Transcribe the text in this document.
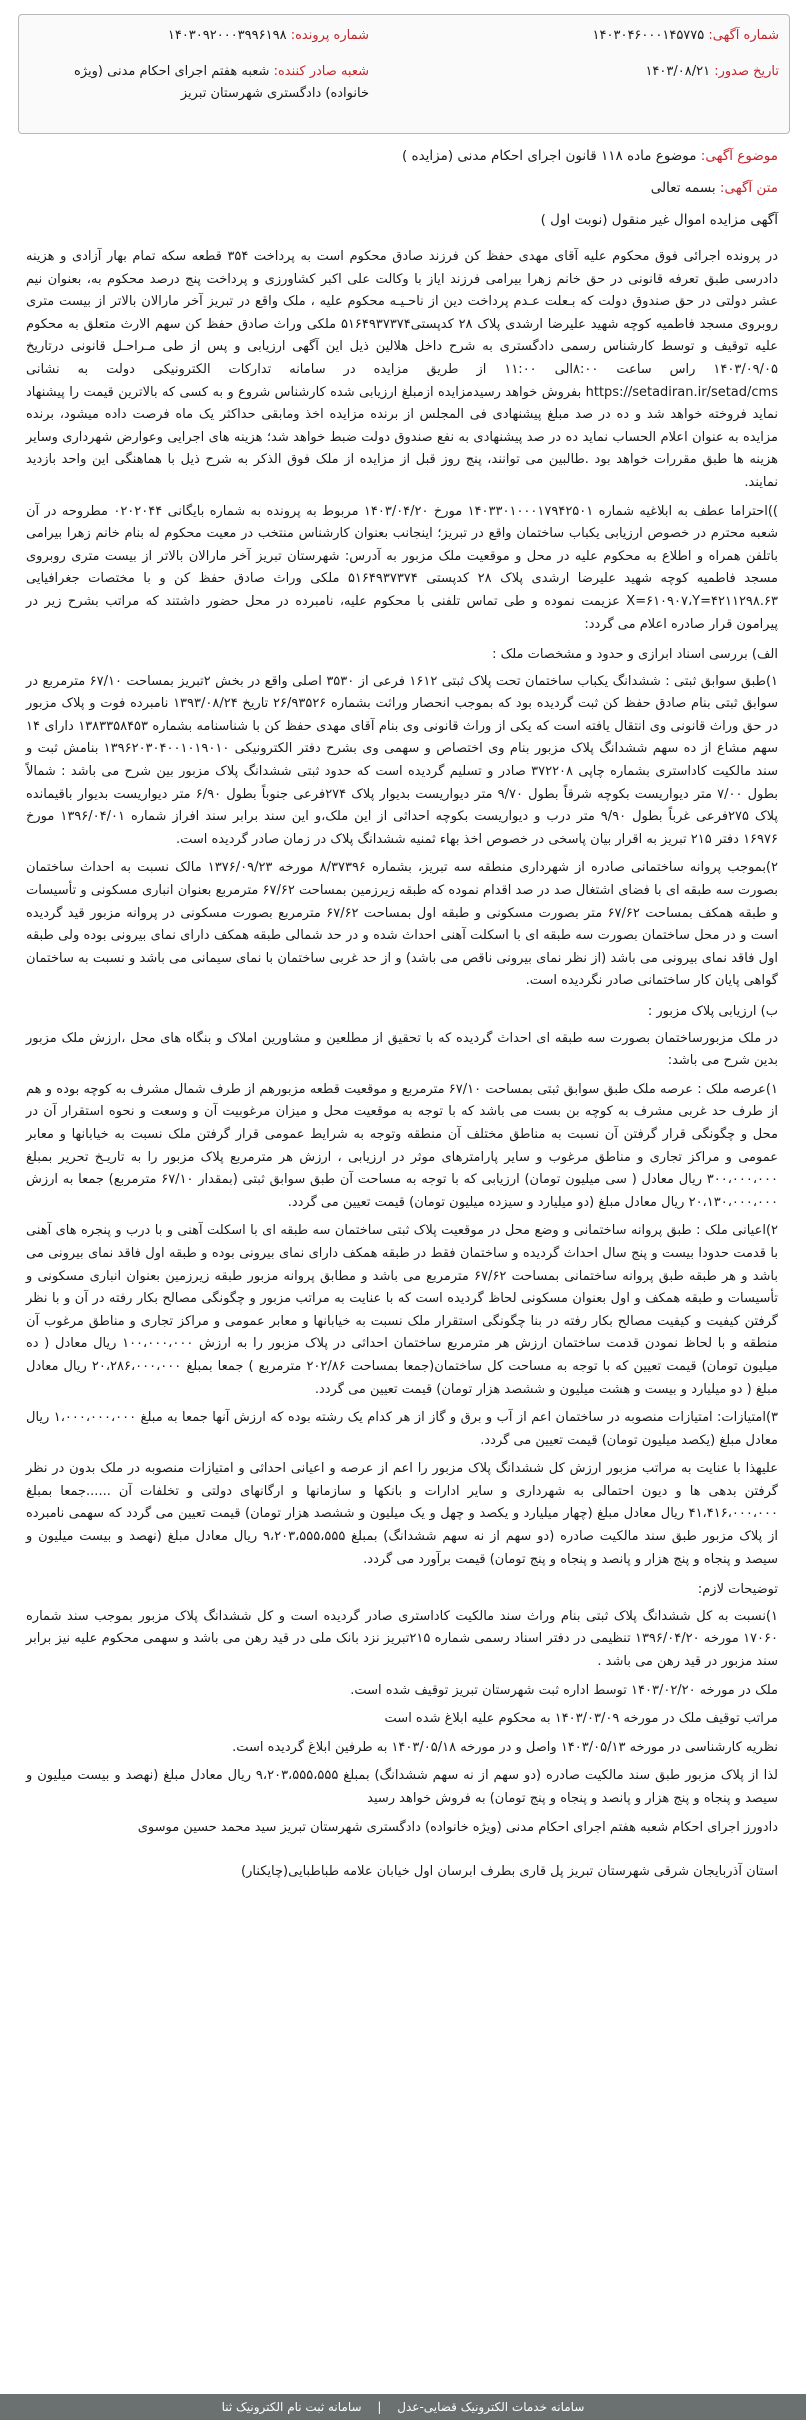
شماره آگهی: ۱۴۰۳۰۴۶۰۰۰۱۴۵۷۷۵
تاریخ صدور: ۱۴۰۳/۰۸/۲۱
شماره پرونده: ۱۴۰۳۰۹۲۰۰۰۳۹۹۶۱۹۸
شعبه صادر کننده: شعبه هفتم اجرای احکام مدنی (ویژه خانواده) دادگستری شهرستان تبریز
موضوع آگهی: موضوع ماده ۱۱۸ قانون اجرای احکام مدنی (مزایده )
متن آگهی: بسمه تعالی
آگهی مزایده اموال غیر منقول (نوبت اول )

در پرونده اجرائی فوق محکوم علیه آقای مهدی حفظ کن فرزند صادق محکوم است به پرداخت ۳۵۴ قطعه سکه تمام بهار آزادی و هزینه دادرسی طبق تعرفه قانونی در حق خانم زهرا بیرامی فرزند ایاز با وکالت علی اکبر کشاورزی و پرداخت پنج درصد محکوم به، بعنوان نیم عشر دولتی در حق صندوق دولت که بـعلت عـدم پرداخت دین از ناحـیـه محکوم علیه ، ملک واقع در تبریز آخر مارالان بالاتر از بیست متری روبروی مسجد فاطمیه کوچه شهید علیرضا ارشدی پلاک ۲۸ کدپستی۵۱۶۴۹۳۷۳۷۴ ملکی وراث صادق حفظ کن سهم الارث متعلق به محکوم علیه توقیف و توسط کارشناس رسمی دادگستری به شرح داخل هلالین ذیل این آگهی ارزیابی و پس از طی مـراحـل قانونی درتاریخ ۱۴۰۳/۰۹/۰۵ راس ساعت ۸:۰۰الی ۱۱:۰۰ از طریق مزایده در سامانه تدارکات الکترونیکی دولت به نشانی https://setadiran.ir/setad/cms بفروش خواهد رسیدمزایده ازمبلغ ارزیابی شده کارشناس شروع و به کسی که بالاترین قیمت را پیشنهاد نماید فروخته خواهد شد و ده در صد مبلغ پیشنهادی فی المجلس از برنده مزایده اخذ ومابقی حداکثر یک ماه فرصت داده میشود، برنده مزایده به عنوان اعلام الحساب نماید ده در صد پیشنهادی به نفع صندوق دولت ضبط خواهد شد؛ هزینه های اجرایی وعوارض شهرداری وسایر هزینه ها طبق مقررات خواهد بود .طالبین می توانند، پنج روز قبل از مزایده از ملک فوق الذکر به شرح ذیل با هماهنگی این واحد بازدید نمایند.

))احتراما عطف به ابلاغیه شماره ۱۴۰۳۳۰۱۰۰۰۱۷۹۴۲۵۰۱ مورخ ۱۴۰۳/۰۴/۲۰ مربوط به پرونده به شماره بایگانی ۰۲۰۲۰۴۴ مطروحه در آن شعبه محترم در خصوص ارزیابی یکباب ساختمان واقع در تبریز؛ اینجانب بعنوان کارشناس منتخب در معیت محکوم له بنام خانم زهرا بیرامی باتلفن همراه و اطلاع به محکوم علیه در محل و موقعیت ملک مزبور به آدرس: شهرستان تبریز آخر مارالان بالاتر از بیست متری روبروی مسجد فاطمیه کوچه شهید علیرضا ارشدی پلاک ۲۸ کدپستی ۵۱۶۴۹۳۷۳۷۴ ملکی وراث صادق حفظ کن و با مختصات جغرافیایی X=۶۱۰۹۰۷،Y=۴۲۱۱۲۹۸.۶۳ عزیمت نموده و طی تماس تلفنی با محکوم علیه، نامبرده در محل حضور داشتند که مراتب بشرح زیر در پیرامون قرار صادره اعلام می گردد:

الف) بررسی اسناد ابرازی و حدود و مشخصات ملک :

۱)طبق سوابق ثبتی : ششدانگ یکباب ساختمان تحت پلاک ثبتی ۱۶۱۲ فرعی از ۳۵۳۰ اصلی واقع در بخش ۲تبریز بمساحت ۶۷/۱۰ مترمربع در سوابق ثبتی بنام صادق حفظ کن ثبت گردیده بود که بموجب انحصار وراثت بشماره ۲۶/۹۳۵۲۶ تاریخ ۱۳۹۳/۰۸/۲۴ نامبرده فوت و پلاک مزبور در حق وراث قانونی وی انتقال یافته است که یکی از وراث قانونی وی بنام آقای مهدی حفظ کن با شناسنامه بشماره ۱۳۸۳۳۵۸۴۵۳ دارای ۱۴ سهم مشاع از ده سهم ششدانگ پلاک مزبور بنام وی اختصاص و سهمی وی بشرح دفتر الکترونیکی ۱۳۹۶۲۰۳۰۴۰۰۱۰۱۹۰۱۰ بنامش ثبت و سند مالکیت کاداستری بشماره چاپی ۳۷۲۲۰۸ صادر و تسلیم گردیده است که حدود ثبتی ششدانگ پلاک مزبور بین شرح می باشد : شمالاً بطول ۷/۰۰ متر دیواریست بکوچه شرقاً بطول ۹/۷۰ متر دیواریست بدیوار پلاک ۲۷۴فرعی جنوباً بطول ۶/۹۰ متر دیواریست بدیوار باقیمانده پلاک ۲۷۵فرعی غرباً بطول ۹/۹۰ متر درب و دیواریست بکوچه احداثی از این ملک،و این سند برابر سند افراز شماره ۱۳۹۶/۰۴/۰۱ مورخ ۱۶۹۷۶ دفتر ۲۱۵ تبریز به اقرار بیان پاسخی در خصوص اخذ بهاء ثمنیه ششدانگ پلاک در زمان صادر گردیده است.

۲)بموجب پروانه ساختمانی صادره از شهرداری منطقه سه تبریز، بشماره ۸/۳۷۳۹۶ مورخه ۱۳۷۶/۰۹/۲۳ مالک نسبت به احداث ساختمان بصورت سه طبقه ای با فضای اشتغال صد در صد اقدام نموده که طبقه زیرزمین بمساحت ۶۷/۶۲ مترمربع بعنوان انباری مسکونی و تأسیسات و طبقه همکف بمساحت ۶۷/۶۲ متر بصورت مسکونی و طبقه اول بمساحت ۶۷/۶۲ مترمربع بصورت مسکونی در پروانه مزبور قید گردیده است و در محل ساختمان بصورت سه طبقه ای با اسکلت آهنی احداث شده و در حد شمالی طبقه همکف دارای نمای بیرونی بوده ولی طبقه اول فاقد نمای بیرونی می باشد (از نظر نمای بیرونی ناقص می باشد) و از حد غربی ساختمان با نمای سیمانی می باشد و نسبت به ساختمان گواهی پایان کار ساختمانی صادر نگردیده است.

ب) ارزیابی پلاک مزبور :

در ملک مزبورساختمان بصورت سه طبقه ای احداث گردیده که با تحقیق از مطلعین و مشاورین املاک و بنگاه های محل ،ارزش ملک مزبور بدین شرح می باشد:

۱)عرصه ملک : عرصه ملک طبق سوابق ثبتی بمساحت ۶۷/۱۰ مترمربع و موقعیت قطعه مزبورهم از طرف شمال مشرف به کوچه بوده و هم از طرف حد غربی مشرف به کوچه بن بست می باشد که با توجه به موقعیت محل و میزان مرغوبیت آن و وسعت و نحوه استقرار آن در محل و چگونگی قرار گرفتن آن نسبت به مناطق مختلف آن منطقه وتوجه به شرایط عمومی قرار گرفتن ملک نسبت به خیابانها و معابر عمومی و مراکز تجاری و مناطق مرغوب و سایر پارامترهای موثر در ارزیابی ، ارزش هر مترمربع پلاک مزبور را به تاریـخ تحریر بمبلغ ۳۰۰،۰۰۰،۰۰۰ ریال معادل ( سی میلیون تومان) ارزیابی که با توجه به مساحت آن طبق سوابق ثبتی (بمقدار ۶۷/۱۰ مترمربع) جمعا به ارزش ۲۰،۱۳۰،۰۰۰،۰۰۰ ریال معادل مبلغ (دو میلیارد و سیزده میلیون تومان) قیمت تعیین می گردد.

۲)اعیانی ملک : طبق پروانه ساختمانی و وضع محل در موقعیت پلاک ثبتی ساختمان سه طبقه ای با اسکلت آهنی و با درب و پنجره های آهنی با قدمت حدودا بیست و پنج سال احداث گردیده و ساختمان فقط در طبقه همکف دارای نمای بیرونی بوده و طبقه اول فاقد نمای بیرونی می باشد و هر طبقه طبق پروانه ساختمانی بمساحت ۶۷/۶۲ مترمربع می باشد و مطابق پروانه مزبور طبقه زیرزمین بعنوان انباری مسکونی و تأسیسات و طبقه همکف و اول بعنوان مسکونی لحاظ گردیده است که با عنایت به مراتب مزبور و چگونگی مصالح بکار رفته در آن و با نظر گرفتن کیفیت و کیفیت مصالح بکار رفته در بنا چگونگی استقرار ملک نسبت به خیابانها و معابر عمومی و مراکز تجاری و مناطق مرغوب آن منطقه و با لحاظ نمودن قدمت ساختمان ارزش هر مترمربع ساختمان احداثی در پلاک مزبور را به ارزش ۱۰۰،۰۰۰،۰۰۰ ریال معادل ( ده میلیون تومان) قیمت تعیین که با توجه به مساحت کل ساختمان(جمعا بمساحت ۲۰۲/۸۶ مترمربع ) جمعا بمبلغ ۲۰،۲۸۶،۰۰۰،۰۰۰ ریال معادل مبلغ ( دو میلیارد و بیست و هشت میلیون و ششصد هزار تومان) قیمت تعیین می گردد.

۳)امتیازات: امتیازات منصوبه در ساختمان اعم از آب و برق و گاز از هر کدام یک رشته بوده که ارزش آنها جمعا به مبلغ ۱،۰۰۰،۰۰۰،۰۰۰ ریال معادل مبلغ (یکصد میلیون تومان) قیمت تعیین می گردد.

علیهذا با عنایت به مراتب مزبور ارزش کل ششدانگ پلاک مزبور را اعم از عرصه و اعیانی احداثی و امتیازات منصوبه در ملک بدون در نظر گرفتن بدهی ها و دیون احتمالی به شهرداری و سایر ادارات و بانکها و سازمانها و ارگانهای دولتی و تخلفات آن ......جمعا بمبلغ ۴۱،۴۱۶،۰۰۰،۰۰۰ ریال معادل مبلغ (چهار میلیارد و یکصد و چهل و یک میلیون و ششصد هزار تومان) قیمت تعیین می گردد که سهمی نامبرده از پلاک مزبور طبق سند مالکیت صادره (دو سهم از نه سهم ششدانگ) بمبلغ ۹،۲۰۳،۵۵۵،۵۵۵ ریال معادل مبلغ (نهصد و بیست میلیون و سیصد و پنجاه و پنج هزار و پانصد و پنجاه و پنج تومان) قیمت برآورد می گردد.

توضیحات لازم:

۱)نسبت به کل ششدانگ پلاک ثبتی بنام وراث سند مالکیت کاداستری صادر گردیده است و کل ششدانگ پلاک مزبور بموجب سند شماره ۱۷۰۶۰ مورخه ۱۳۹۶/۰۴/۲۰ تنظیمی در دفتر اسناد رسمی شماره ۲۱۵تبریز نزد بانک ملی در قید رهن می باشد و سهمی محکوم علیه نیز برابر سند مزبور در قید رهن می باشد .

ملک در مورخه ۱۴۰۳/۰۲/۲۰ توسط اداره ثبت شهرستان تبریز توقیف شده است.

مراتب توقیف ملک در مورخه ۱۴۰۳/۰۳/۰۹ به محکوم علیه ابلاغ شده است

نظریه کارشناسی در مورخه ۱۴۰۳/۰۵/۱۳ واصل و در مورخه ۱۴۰۳/۰۵/۱۸ به طرفین ابلاغ گردیده است.

لذا از پلاک مزبور طبق سند مالکیت صادره (دو سهم از نه سهم ششدانگ) بمبلغ ۹،۲۰۳،۵۵۵،۵۵۵ ریال معادل مبلغ (نهصد و بیست میلیون و سیصد و پنجاه و پنج هزار و پانصد و پنجاه و پنج تومان) به فروش خواهد رسید

دادورز اجرای احکام شعبه هفتم اجرای احکام مدنی (ویژه خانواده) دادگستری شهرستان تبریز سید محمد حسین موسوی

استان آذربایجان شرقی شهرستان تبریز پل قاری بطرف ابرسان اول خیابان علامه طباطبایی(چایکنار)

سامانه خدمات الکترونیک قضایی-عدل | سامانه ثبت نام الکترونیک ثنا
